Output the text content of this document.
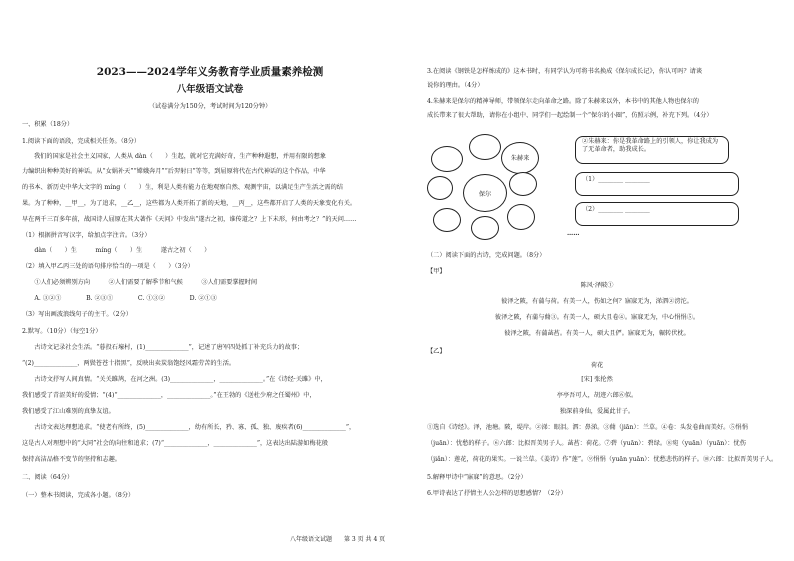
2023——2024学年义务教育学业质量素养检测
八年级语文试卷
（试卷满分为150分，考试时间为120分钟）
一、积累（18分）
1.阅读下面的语段，完成相关任务。（8分）
我们的国家是社会主义国家，人类从 dàn（　　）生起，就对它充满好奇，生产种种遐想，并用有限的想象
力编织出种种美好的神话。从“女娲补天”“嫦娥奔月”“后羿射日”等等，到屈原将代在古代神话的这个作品，中华
的书本、新历史中华大文字的 míng（　　）生，利是人类有能力在地观察自然、观测宇宙，以满足生产生活之需的结
果。为了种种，__甲__，为了追求，__乙__，这些都为人类开拓了新的天地，__丙__，这些都开启了人类的天象变化有关。
早在两千三百多年前，战国诗人屈原在其大著作《天问》中发出“遂古之初，谁传道之？上下未形，何由考之？”的天问……
（1）根据拼音写汉字，给加点字注音。（3分）
　　dàn（　　）生　　　míng（　　）生　　　遂古之初（　　）
（2）填入甲乙丙三处的语句排序恰当的一项是（　　）（3分）
　　①人们必须辨别方向　　　②人们需要了解季节和气候　　　③人们需要掌握时间
　　A. ③②①　　　　B. ②③①　　　　C. ①③②　　　　D. ②①③
（3）写出画波浪线句子的主干。（2分）
2.默写。（10分）（每空1分）
　　古诗文记录社会生活。“暮投石壕村，(1)______________”，记述了唐军四处抓丁补充兵力的故事；
“(2)______________，两鬓苍苍十指黑”，反映出卖炭翁饱经风霜劳苦的生活。
　　古诗文抒写人间真情。“关关雎鸠，在河之洲。(3)______________，______________。”在《诗经·关雎》中，
我们感受了青涩美好的爱情；“(4)“______________，______________。”在王勃的《送杜少府之任蜀州》中，
我们感受了江山难别的真挚友谊。
　　古诗文表达理想追求。“使老有所终，(5)______________，幼有所长，矜、寡、孤、独、废疾者(6)______________”，
这是古人对理想中的“大同”社会的向往和追求；(7)“______________，______________”，这表达出陆游如梅花般
保持高洁品格不变节的坚持和志趣。
二、阅读（64分）
（一）整本书阅读，完成各小题。（8分）
八年级语文试题　　第 3 页 共 4 页
3.在阅读《钢铁是怎样炼成的》这本书时，有同学认为可将书名换成《保尔成长记》，你认可吗？请谈
说你的理由。（4分）
4.朱赫来是保尔的精神导师，带领保尔走向革命之路。除了朱赫来以外，本书中的其他人物也保尔的
成长带来了很大帮助，请你在小组中、同学们一起绘制一个“保尔的小圈”，仿照示例，补充下列。（4分）
朱赫来
保尔
②朱赫来：你是我革命路上的引领人，你让我成为了无革命者，助我成长。
（1）________ ________
（2）________ ________
……
（二）阅读下面的古诗，完成问题。（8分）
【甲】
陈风·泽陂①
彼泽之陂，有蒲与荷。有美一人，伤如之何？寤寐无为，涕泗②滂沱。
彼泽之陂，有蒲与蕑③。有美一人，硕大且卷④。寤寐无为，中心悁悁⑤。
彼泽之陂，有蒲菡萏。有美一人，硕大且俨。寤寐无为，辗转伏枕。
【乙】
荷花
[宋] 张抡然
亭亭吾可人，胡迹六郎⑥似。
独深前身仙，爱属此甘子。
①选自《诗经》。泽，池塘。陂，堤岸。②涕：眼泪。泗：鼻涕。③蕑（jiān）：兰草。④卷：头发卷曲而美好。⑤悁悁
（juān）：忧愁的样子。⑥六郎：比拟晋美男子人。菡萏：荷花。⑦碧（yuān）：碧绿。⑧宛（yuān）（yuān）：忧伤
（jiǎn）：莲花，荷花的果实。一说兰草。《姜诗》作“莲”。⑨悁悁（yuān yuān）：忧愁悲伤的样子。⑩六郎：比拟晋美男子人。
5.解释甲诗中“寤寐”的意思。（2分）
6.甲诗表达了抒情主人公怎样的思想感情？（2分）
